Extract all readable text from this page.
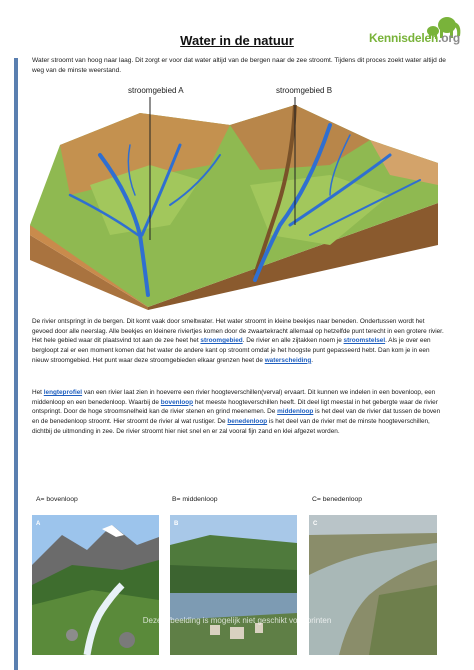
Water in de natuur	Kennisdelen.org
Water stroomt van hoog naar laag. Dit zorgt er voor dat water altijd van de bergen naar de zee stroomt. Tijdens dit proces zoekt water altijd de weg van de minste weerstand.
stroomgebied A	stroomgebied B
De rivier ontspringt in de bergen. Dit komt vaak door smeltwater. Het water stroomt in kleine beekjes naar beneden. Ondertussen wordt het gevoed door alle neerslag. Alle beekjes en kleinere riviertjes komen door de zwaartekracht allemaal op hetzelfde punt terecht in een grotere rivier. Het hele gebied waar dit plaatsvind tot aan de zee heet het stroomgebied. De rivier en alle zijtakken noem je stroomstelsel. Als je over een bergloopt zal er een moment komen dat het water de andere kant op stroomt omdat je het hoogste punt gepasseerd hebt. Dan kom je in een nieuw stroomgebied. Het punt waar deze stroomgebieden elkaar grenzen heet de waterscheiding.
Het lengteprofiel van een rivier laat zien in hoeverre een rivier hoogteverschillen(verval) ervaart. Dit kunnen we indelen in een bovenloop, een middenloop en een benedenloop. Waarbij de bovenloop het meeste hoogteverschillen heeft. Dit deel ligt meestal in het gebergte waar de rivier ontspringt. Door de hoge stroomsnelheid kan de rivier stenen en grind meenemen. De middenloop is het deel van de rivier dat tussen de boven en de benedenloop stroomt. Hier stroomt de rivier al wat rustiger. De benedenloop is het deel van de rivier met de minste hoogteverschillen, dichtbij de uitmonding in zee. De rivier stroomt hier niet snel en er zal vooral fijn zand en klei afgezet worden.
A= bovenloop	B= middenloop	C= benedenloop
A	B	C
Deze afbeelding is mogelijk niet geschikt voor printen
